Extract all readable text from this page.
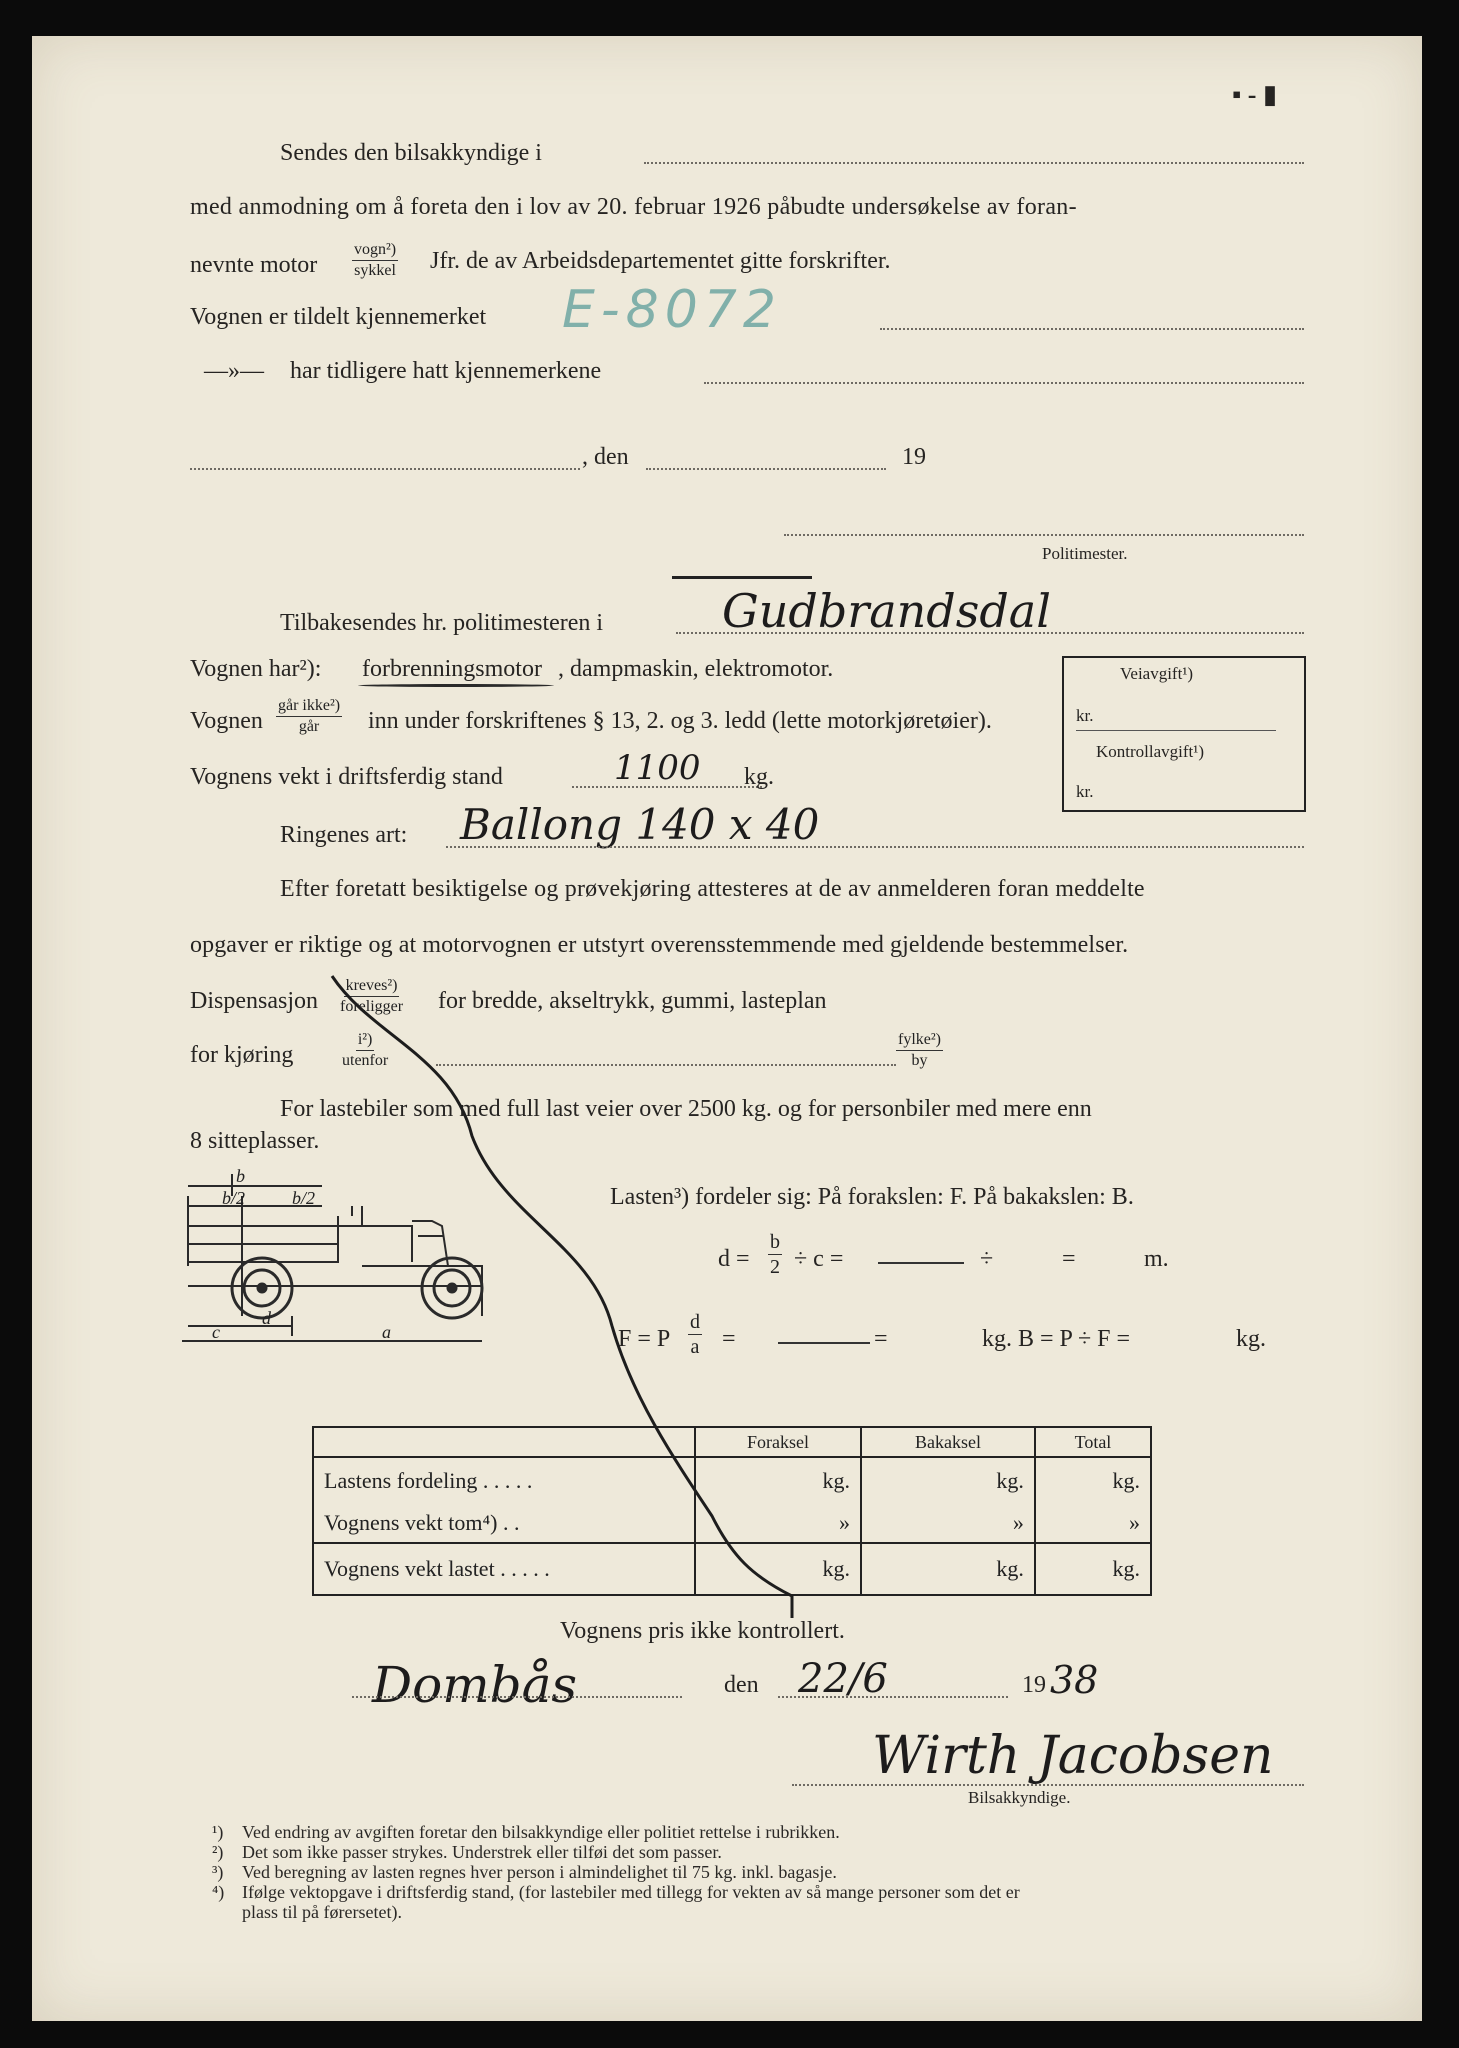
▪ - ▮
Sendes den bilsakkyndige i
med anmodning om å foreta den i lov av 20. februar 1926 påbudte undersøkelse av foran-
nevnte motor
vogn²)
sykkel Jfr. de av Arbeidsdepartementet gitte forskrifter.
Vognen er tildelt kjennemerket E-8072
—»— har tidligere hatt kjennemerkene
, den	19
Politimester.
Tilbakesendes hr. politimesteren i	Gudbrandsdal
Vognen har²): forbrenningsmotor , dampmaskin, elektromotor.	Veiavgift¹)
kr.
Kontrollavgift¹)
kr.
Vognen
går ikke²)
går inn under forskriftenes § 13, 2. og 3. ledd (lette motorkjøretøier).
Vognens vekt i driftsferdig stand	1100 kg.
Ringenes art: Ballong 140 x 40
Efter foretatt besiktigelse og prøvekjøring attesteres at de av anmelderen foran meddelte
opgaver er riktige og at motorvognen er utstyrt overensstemmende med gjeldende bestemmelser.
Dispensasjon
kreves²)
foreligger for bredde, akseltrykk, gummi, lasteplan
for kjøring
i²)
utenfor
fylke²)
by
For lastebiler som med full last veier over 2500 kg. og for personbiler med mere enn
8 sitteplasser.
b
b/2	b/2
d
c	a
Lasten³) fordeler sig: På forakslen: F. På bakakslen: B.
$d = \frac{b}{2} \div c$ =	÷	=	m.
F = P $\frac{d}{a}$ =	=	kg. B = P ÷ F =	kg.
	Foraksel	Bakaksel	Total
Lastens fordeling . . . . .	kg.	kg.	kg.
Vognens vekt tom⁴) . .	»	»	»
Vognens vekt lastet . . . . .	kg.	kg.	kg.
Vognens pris ikke kontrollert.
Dombås	den 22/6	19 38
Wirth Jacobsen
Bilsakkyndige.
¹) Ved endring av avgiften foretar den bilsakkyndige eller politiet rettelse i rubrikken.
²) Det som ikke passer strykes. Understrek eller tilføi det som passer.
³) Ved beregning av lasten regnes hver person i almindelighet til 75 kg. inkl. bagasje.
⁴) Ifølge vektopgave i driftsferdig stand, (for lastebiler med tillegg for vekten av så mange personer som det er
plass til på førersetet).
